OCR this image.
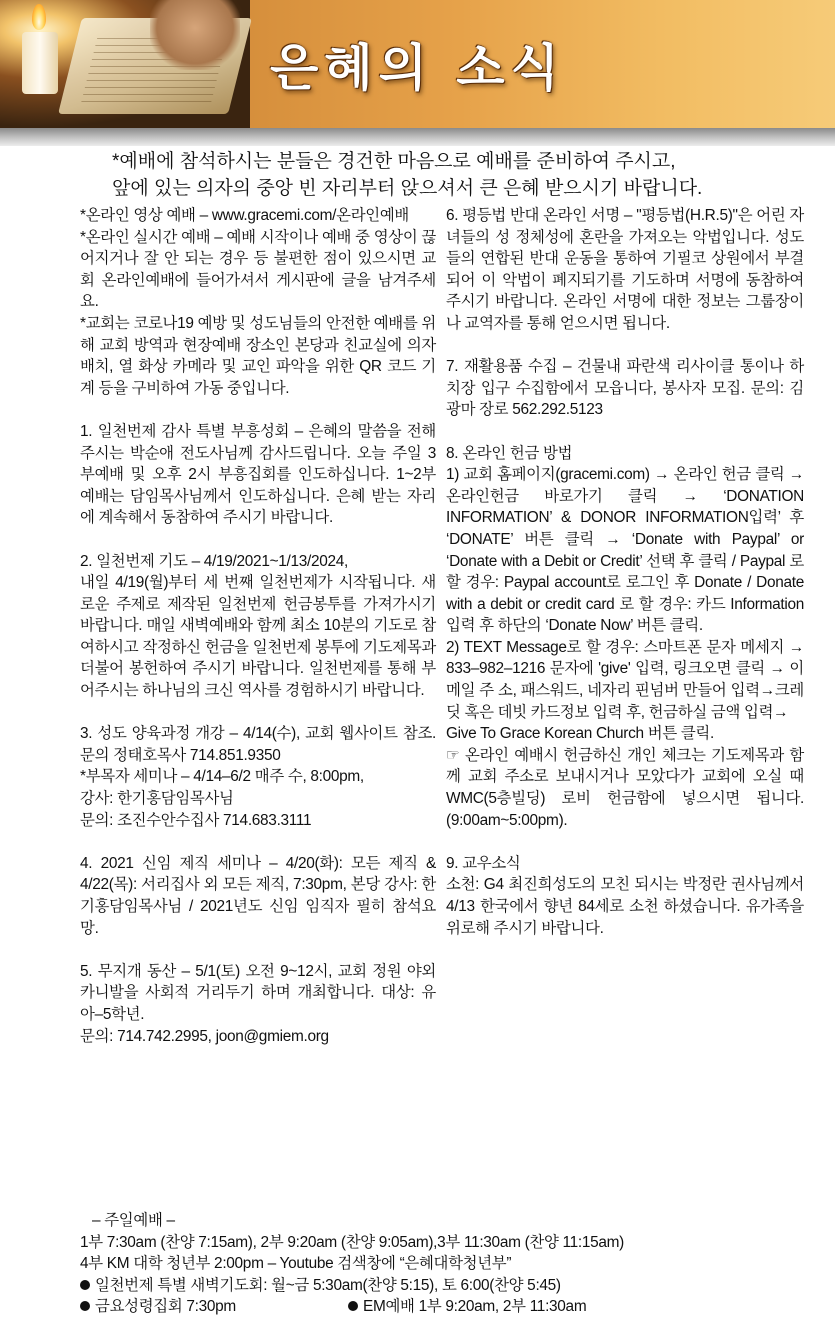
은혜의 소식

*예배에 참석하시는 분들은 경건한 마음으로 예배를 준비하여 주시고,

앞에 있는 의자의 중앙 빈 자리부터 앉으셔서 큰 은혜 받으시기 바랍니다.

*온라인 영상 예배 – www.gracemi.com/온라인예배

*온라인 실시간 예배 – 예배 시작이나 예배 중 영상이 끊어지거나 잘 안 되는 경우 등 불편한 점이 있으시면 교회 온라인예배에 들어가셔서 게시판에 글을 남겨주세요.

*교회는 코로나19 예방 및 성도님들의 안전한 예배를 위해 교회 방역과 현장예배 장소인 본당과 친교실에 의자 배치, 열 화상 카메라 및 교인 파악을 위한 QR 코드 기계 등을 구비하여 가동 중입니다.

1. 일천번제 감사 특별 부흥성회 – 은혜의 말씀을 전해 주시는 박순애 전도사님께 감사드립니다. 오늘 주일 3부예배 및 오후 2시 부흥집회를 인도하십니다. 1~2부 예배는 담임목사님께서 인도하십니다. 은혜 받는 자리에 계속해서 동참하여 주시기 바랍니다.

2. 일천번제 기도 – 4/19/2021~1/13/2024,

내일 4/19(월)부터 세 번째 일천번제가 시작됩니다. 새로운 주제로 제작된 일천번제 헌금봉투를 가져가시기 바랍니다. 매일 새벽예배와 함께 최소 10분의 기도로 참여하시고 작정하신 헌금을 일천번제 봉투에 기도제목과 더불어 봉헌하여 주시기 바랍니다. 일천번제를 통해 부어주시는 하나님의 크신 역사를 경험하시기 바랍니다.

3. 성도 양육과정 개강 – 4/14(수), 교회 웹사이트 참조. 문의 정태호목사 714.851.9350

*부목자 세미나 – 4/14–6/2 매주 수, 8:00pm,

강사: 한기홍담임목사님

문의: 조진수안수집사 714.683.3111

4. 2021 신임 제직 세미나 – 4/20(화): 모든 제직 & 4/22(목): 서리집사 외 모든 제직, 7:30pm, 본당 강사: 한기홍담임목사님 / 2021년도 신임 임직자 필히 참석요망.

5. 무지개 동산 – 5/1(토) 오전 9~12시, 교회 정원 야외 카니발을 사회적 거리두기 하며 개최합니다. 대상: 유아–5학년.

문의: 714.742.2995, joon@gmiem.org

6. 평등법 반대 온라인 서명 – "평등법(H.R.5)"은 어린 자녀들의 성 정체성에 혼란을 가져오는 악법입니다. 성도들의 연합된 반대 운동을 통하여 기필코 상원에서 부결되어 이 악법이 폐지되기를 기도하며 서명에 동참하여 주시기 바랍니다. 온라인 서명에 대한 정보는 그룹장이나 교역자를 통해 얻으시면 됩니다.

7. 재활용품 수집 – 건물내 파란색 리사이클 통이나 하치장 입구 수집함에서 모읍니다, 봉사자 모집. 문의: 김광마 장로 562.292.5123

8. 온라인 헌금 방법

1) 교회 홈페이지(gracemi.com) → 온라인 헌금 클릭 → 온라인헌금 바로가기 클릭 → ‘DONATION INFORMATION’ & DONOR INFORMATION입력’ 후 ‘DONATE’ 버튼 클릭 → ‘Donate with Paypal’ or ‘Donate with a Debit or Credit’ 선택 후 클릭 / Paypal 로 할 경우: Paypal account로 로그인 후 Donate / Donate with a debit or credit card 로 할 경우: 카드 Information 입력 후 하단의 ‘Donate Now’ 버튼 클릭.

2) TEXT Message로 할 경우: 스마트폰 문자 메세지 → 833–982–1216 문자에 'give' 입력, 링크오면 클릭 → 이메일 주 소, 패스워드, 네자리 핀넘버 만들어 입력→크레 딧 혹은 데빗 카드정보 입력 후, 헌금하실 금액 입력→

Give To Grace Korean Church 버튼 클릭.

☞ 온라인 예배시 헌금하신 개인 체크는 기도제목과 함께 교회 주소로 보내시거나 모았다가 교회에 오실 때 WMC(5층빌딩) 로비 헌금함에 넣으시면 됩니다. (9:00am~5:00pm).

9. 교우소식

소천: G4 최진희성도의 모친 되시는 박정란 권사님께서 4/13 한국에서 향년 84세로 소천 하셨습니다. 유가족을 위로해 주시기 바랍니다.

– 주일예배 –

1부 7:30am (찬양 7:15am), 2부 9:20am (찬양 9:05am),3부 11:30am (찬양 11:15am)

4부 KM 대학 청년부 2:00pm – Youtube 검색창에 “은혜대학청년부”

일천번제 특별 새벽기도회: 월~금 5:30am(찬양 5:15), 토 6:00(찬양 5:45)

금요성령집회 7:30pm	EM예배 1부 9:20am, 2부 11:30am
